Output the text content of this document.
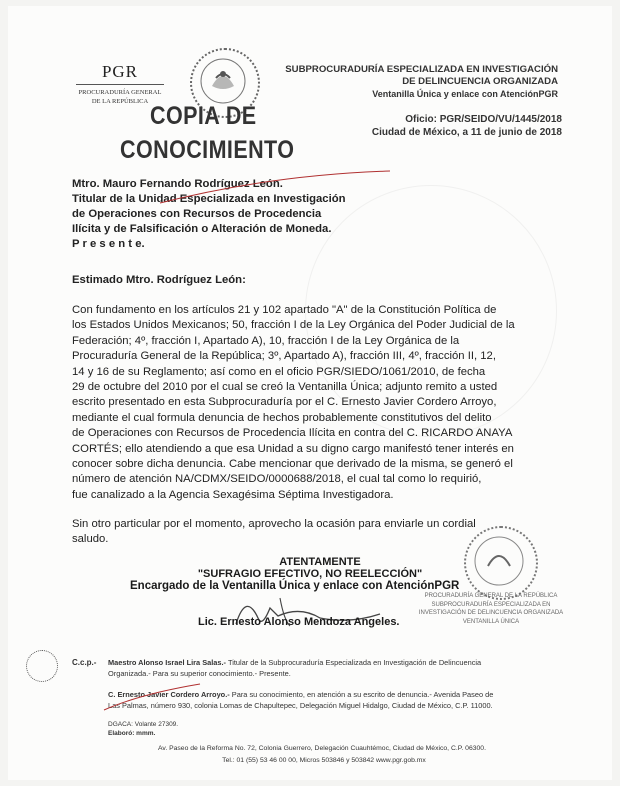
PGR
PROCURADURÍA GENERAL
DE LA REPÚBLICA
SUBPROCURADURÍA ESPECIALIZADA EN INVESTIGACIÓN
DE DELINCUENCIA ORGANIZADA
Ventanilla Única y enlace con AtenciónPGR
Oficio: PGR/SEIDO/VU/1445/2018
Ciudad de México, a 11 de junio de 2018
COPIA DE
CONOCIMIENTO
Mtro. Mauro Fernando Rodríguez León.
Titular de la Unidad Especializada en Investigación
de Operaciones con Recursos de Procedencia
Ilícita y de Falsificación o Alteración de Moneda.
P r e s e n t e.
Estimado Mtro. Rodríguez León:
Con fundamento en los artículos 21 y 102 apartado "A" de la Constitución Política de
los Estados Unidos Mexicanos; 50, fracción I de la Ley Orgánica del Poder Judicial de la
Federación; 4º, fracción I, Apartado A), 10, fracción I de la Ley Orgánica de la
Procuraduría General de la República; 3º, Apartado A), fracción III, 4º, fracción II, 12,
14 y 16 de su Reglamento; así como en el oficio PGR/SIEDO/1061/2010, de fecha
29 de octubre del 2010 por el cual se creó la Ventanilla Única; adjunto remito a usted
escrito presentado en esta Subprocuraduría por el C. Ernesto Javier Cordero Arroyo,
mediante el cual formula denuncia de hechos probablemente constitutivos del delito
de Operaciones con Recursos de Procedencia Ilícita en contra del C. RICARDO ANAYA
CORTÉS; ello atendiendo a que esa Unidad a su digno cargo manifestó tener interés en
conocer sobre dicha denuncia. Cabe mencionar que derivado de la misma, se generó el
número de atención NA/CDMX/SEIDO/0000688/2018, el cual tal como lo requirió,
fue canalizado a la Agencia Sexagésima Séptima Investigadora.
Sin otro particular por el momento, aprovecho la ocasión para enviarle un cordial
saludo.
ATENTAMENTE
"SUFRAGIO EFECTIVO, NO REELECCIÓN"
Encargado de la Ventanilla Única y enlace con AtenciónPGR
Lic. Ernesto Alonso Mendoza Angeles.
PROCURADURÍA GENERAL DE LA REPÚBLICA
SUBPROCURADURÍA ESPECIALIZADA EN
INVESTIGACIÓN DE DELINCUENCIA ORGANIZADA
VENTANILLA ÚNICA
C.c.p.- Maestro Alonso Israel Lira Salas.- Titular de la Subprocuraduría Especializada en Investigación de Delincuencia
Organizada.- Para su superior conocimiento.- Presente.
C. Ernesto Javier Cordero Arroyo.- Para su conocimiento, en atención a su escrito de denuncia.- Avenida Paseo de
Las Palmas, número 930, colonia Lomas de Chapultepec, Delegación Miguel Hidalgo, Ciudad de México, C.P. 11000.
DGACA: Volante 27309.
Elaboró: mmm.
Av. Paseo de la Reforma No. 72, Colonia Guerrero, Delegación Cuauhtémoc, Ciudad de México, C.P. 06300.
Tel.: 01 (55) 53 46 00 00, Micros 503846 y 503842 www.pgr.gob.mx
